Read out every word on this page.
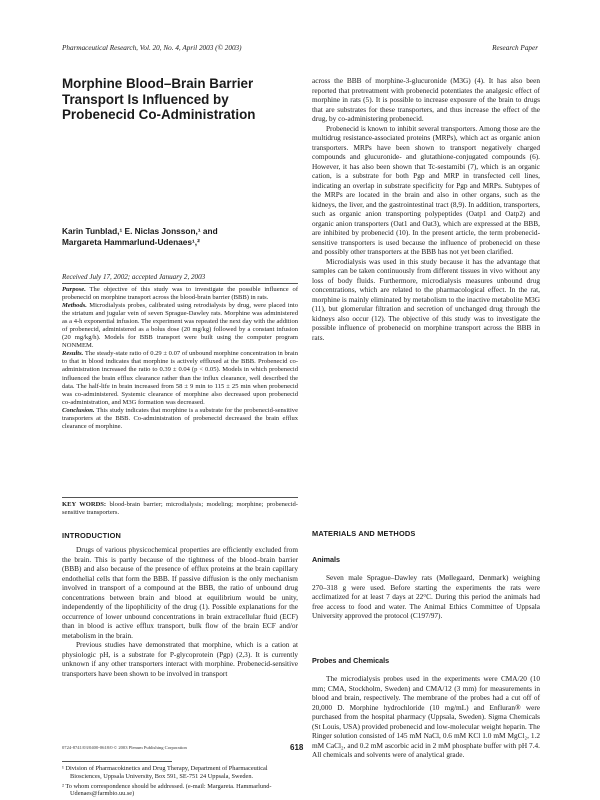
Pharmaceutical Research, Vol. 20, No. 4, April 2003 (© 2003)	Research Paper
Morphine Blood–Brain Barrier
Transport Is Influenced by
Probenecid Co-Administration
Karin Tunblad,¹ E. Niclas Jonsson,¹ and
Margareta Hammarlund-Udenaes¹,²
Received July 17, 2002; accepted January 2, 2003

Purpose. The objective of this study was to investigate the possible influence of probenecid on morphine transport across the blood-brain barrier (BBB) in rats.

Methods. Microdialysis probes, calibrated using retrodialysis by drug, were placed into the striatum and jugular vein of seven Sprague-Dawley rats. Morphine was administered as a 4-h exponential infusion. The experiment was repeated the next day with the addition of probenecid, administered as a bolus dose (20 mg/kg) followed by a constant infusion (20 mg/kg/h). Models for BBB transport were built using the computer program NONMEM.

Results. The steady-state ratio of 0.29 ± 0.07 of unbound morphine concentration in brain to that in blood indicates that morphine is actively effluxed at the BBB. Probenecid co-administration increased the ratio to 0.39 ± 0.04 (p < 0.05). Models in which probenecid influenced the brain efflux clearance rather than the influx clearance, well described the data. The half-life in brain increased from 58 ± 9 min to 115 ± 25 min when probenecid was co-administered. Systemic clearance of morphine also decreased upon probenecid co-administration, and M3G formation was decreased.

Conclusion. This study indicates that morphine is a substrate for the probenecid-sensitive transporters at the BBB. Co-administration of probenecid decreased the brain efflux clearance of morphine.

KEY WORDS: blood-brain barrier; microdialysis; modeling; morphine; probenecid-sensitive transporters.
INTRODUCTION

Drugs of various physicochemical properties are efficiently excluded from the brain. This is partly because of the tightness of the blood–brain barrier (BBB) and also because of the presence of efflux proteins at the brain capillary endothelial cells that form the BBB. If passive diffusion is the only mechanism involved in transport of a compound at the BBB, the ratio of unbound drug concentrations between brain and blood at equilibrium would be unity, independently of the lipophilicity of the drug (1). Possible explanations for the occurrence of lower unbound concentrations in brain extracellular fluid (ECF) than in blood is active efflux transport, bulk flow of the brain ECF and/or metabolism in the brain.

Previous studies have demonstrated that morphine, which is a cation at physiologic pH, is a substrate for P-glycoprotein (Pgp) (2,3). It is currently unknown if any other transporters interact with morphine. Probenecid-sensitive transporters have been shown to be involved in transport

¹ Division of Pharmacokinetics and Drug Therapy, Department of Pharmaceutical Biosciences, Uppsala University, Box 591, SE-751 24 Uppsala, Sweden.

² To whom correspondence should be addressed. (e-mail: Margareta. Hammarlund-Udenaes@farmbio.uu.se)

across the BBB of morphine-3-glucuronide (M3G) (4). It has also been reported that pretreatment with probenecid potentiates the analgesic effect of morphine in rats (5). It is possible to increase exposure of the brain to drugs that are substrates for these transporters, and thus increase the effect of the drug, by co-administering probenecid.

Probenecid is known to inhibit several transporters. Among those are the multidrug resistance-associated proteins (MRPs), which act as organic anion transporters. MRPs have been shown to transport negatively charged compounds and glucuronide- and glutathione-conjugated compounds (6). However, it has also been shown that Tc-sestamibi (7), which is an organic cation, is a substrate for both Pgp and MRP in transfected cell lines, indicating an overlap in substrate specificity for Pgp and MRPs. Subtypes of the MRPs are located in the brain and also in other organs, such as the kidneys, the liver, and the gastrointestinal tract (8,9). In addition, transporters, such as organic anion transporting polypeptides (Oatp1 and Oatp2) and organic anion transporters (Oat1 and Oat3), which are expressed at the BBB, are inhibited by probenecid (10). In the present article, the term probenecid-sensitive transporters is used because the influence of probenecid on these and possibly other transporters at the BBB has not yet been clarified.

Microdialysis was used in this study because it has the advantage that samples can be taken continuously from different tissues in vivo without any loss of body fluids. Furthermore, microdialysis measures unbound drug concentrations, which are related to the pharmacological effect. In the rat, morphine is mainly eliminated by metabolism to the inactive metabolite M3G (11), but glomerular filtration and secretion of unchanged drug through the kidneys also occur (12). The objective of this study was to investigate the possible influence of probenecid on morphine transport across the BBB in rats.

MATERIALS AND METHODS
Animals

Seven male Sprague–Dawley rats (Møllegaard, Denmark) weighing 270–318 g were used. Before starting the experiments the rats were acclimatized for at least 7 days at 22°C. During this period the animals had free access to food and water. The Animal Ethics Committee of Uppsala University approved the protocol (C197/97).

Probes and Chemicals

The microdialysis probes used in the experiments were CMA/20 (10 mm; CMA, Stockholm, Sweden) and CMA/12 (3 mm) for measurements in blood and brain, respectively. The membrane of the probes had a cut off of 20,000 D. Morphine hydrochloride (10 mg/mL) and Enfluran® were purchased from the hospital pharmacy (Uppsala, Sweden). Sigma Chemicals (St Louis, USA) provided probenecid and low-molecular weight heparin. The Ringer solution consisted of 145 mM NaCl, 0.6 mM KCl 1.0 mM MgCl₂, 1.2 mM CaCl₂, and 0.2 mM ascorbic acid in 2 mM phosphate buffer with pH 7.4. All chemicals and solvents were of analytical grade.

0724-8741/03/0400-0618/0 © 2003 Plenum Publishing Corporation	618
